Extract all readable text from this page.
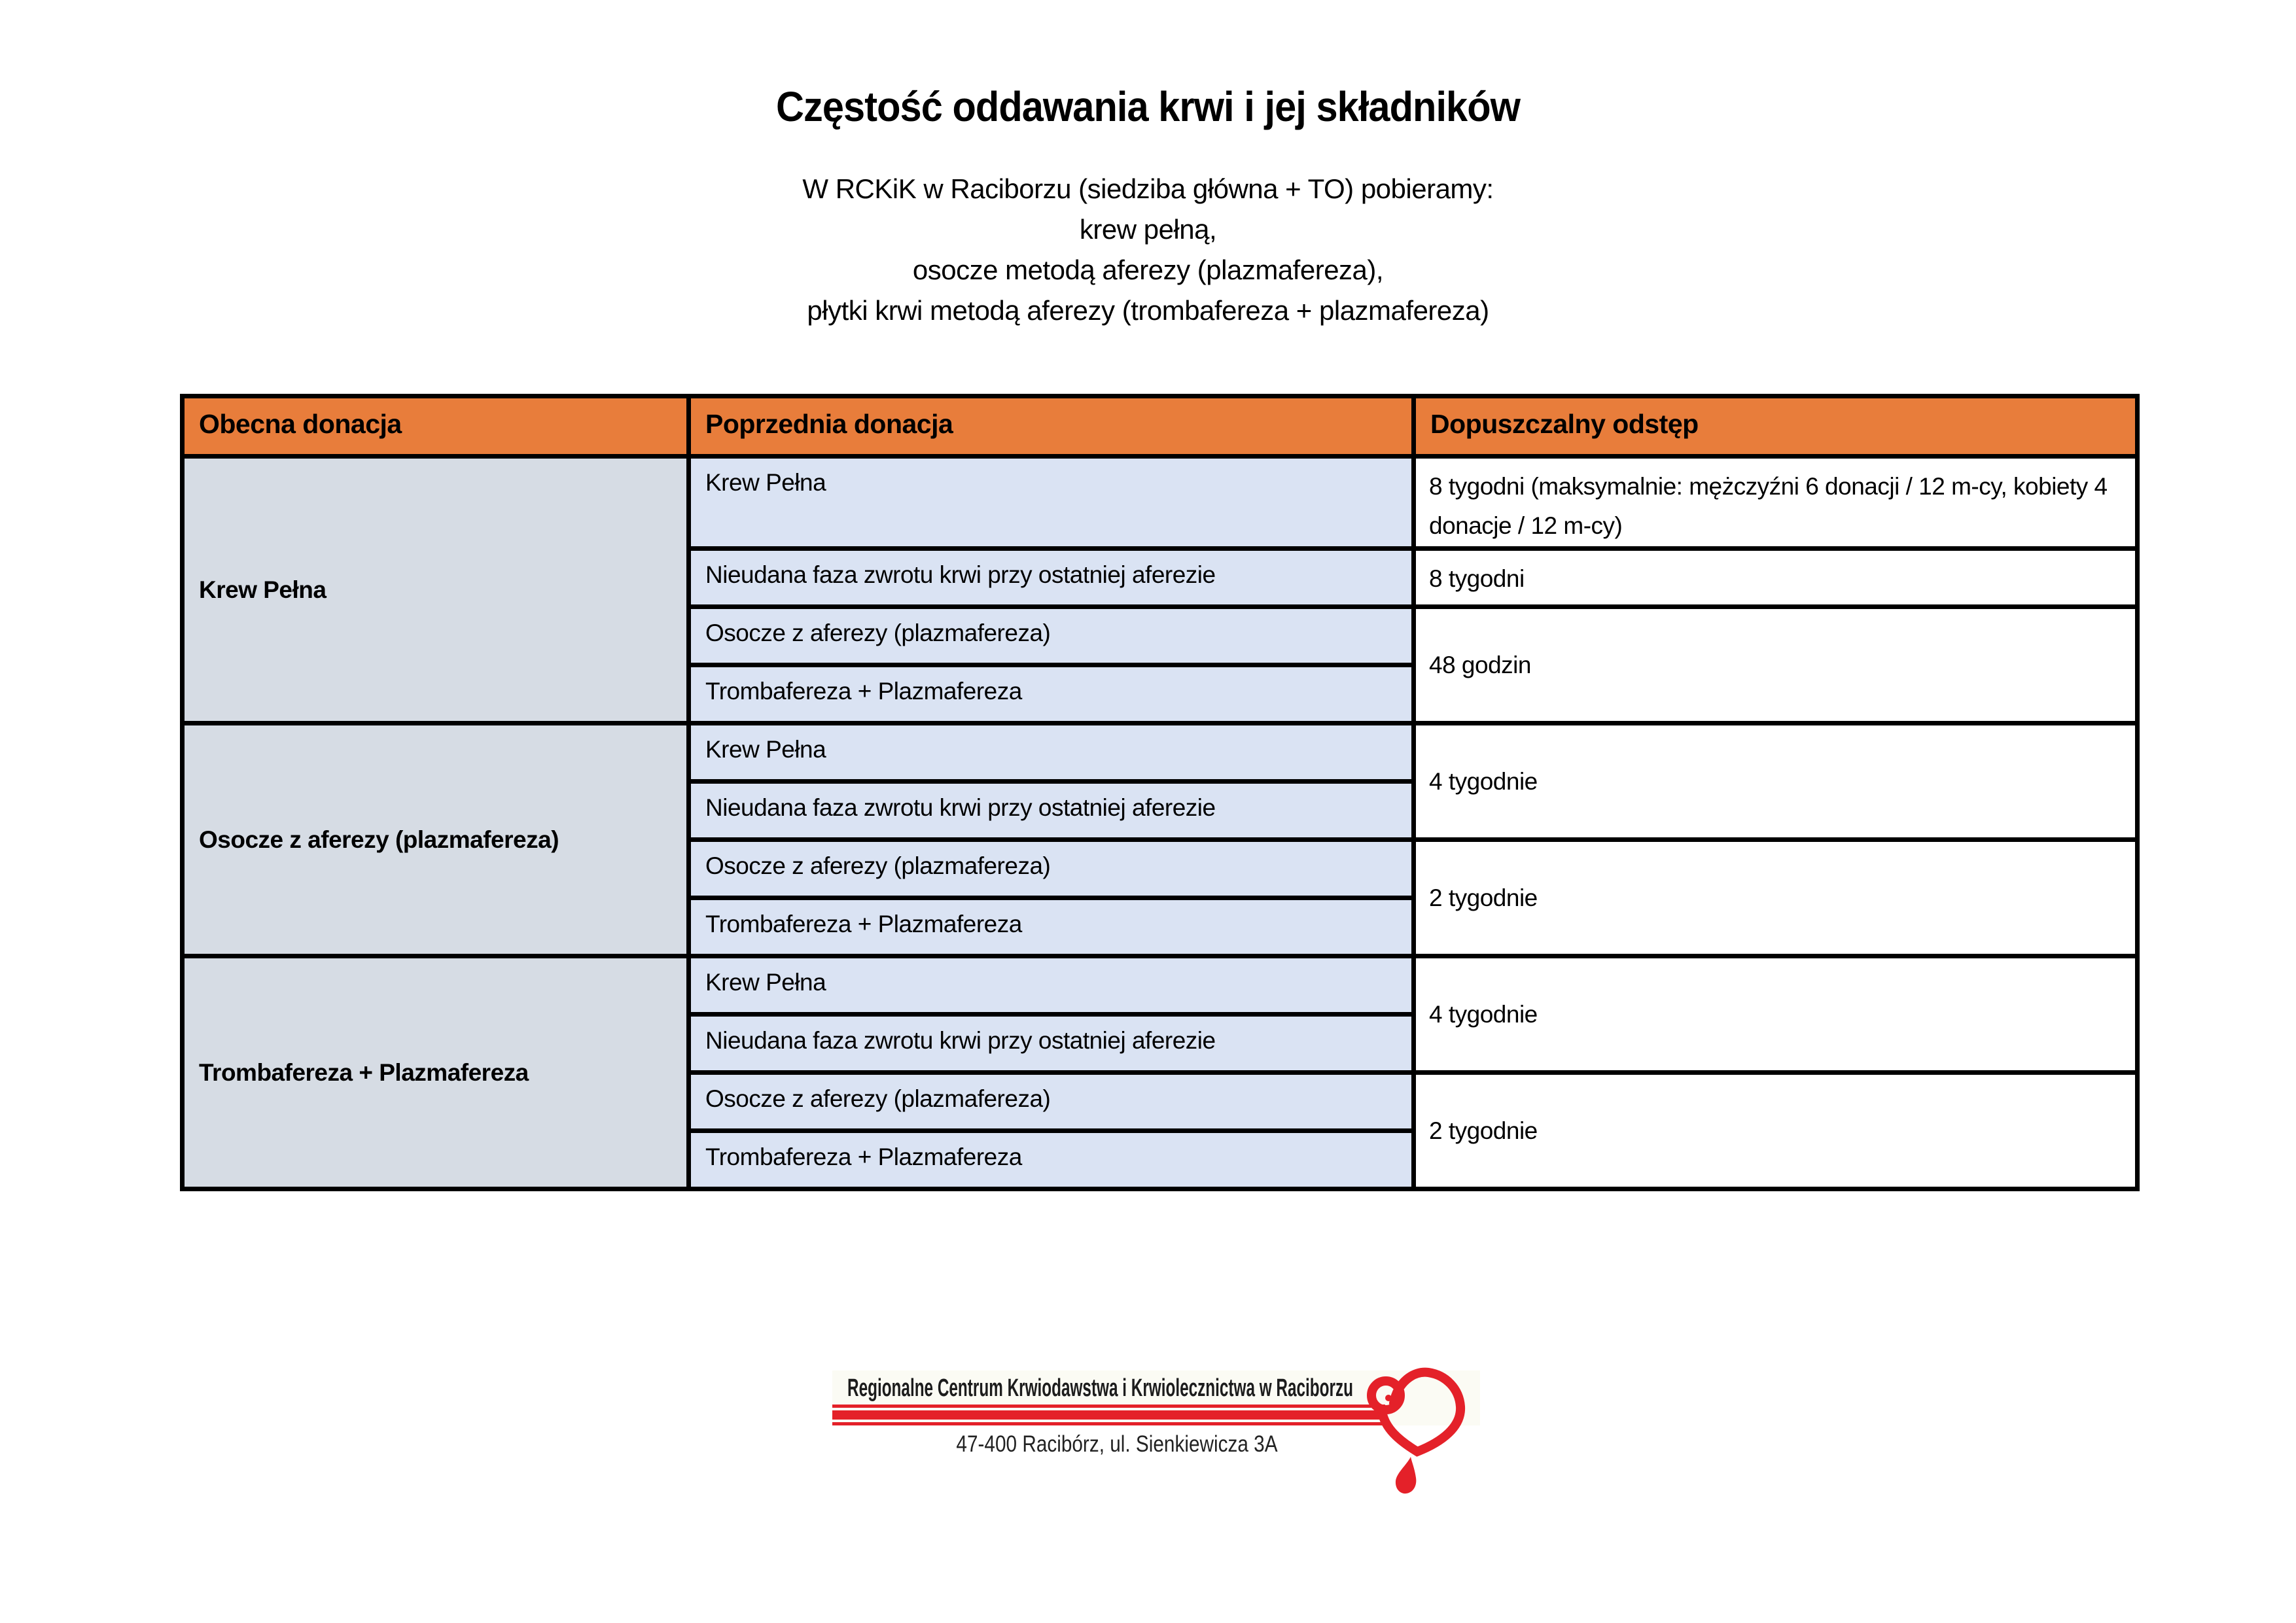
Częstość oddawania krwi i jej składników
W RCKiK w Raciborzu (siedziba główna + TO) pobieramy:
krew pełną,
osocze metodą aferezy (plazmafereza),
płytki krwi metodą aferezy (trombafereza + plazmafereza)
Obecna donacja	Poprzednia donacja	Dopuszczalny odstęp
Krew Pełna	Krew Pełna	8 tygodni (maksymalnie: mężczyźni 6 donacji / 12 m-cy, kobiety 4 donacje / 12 m-cy)
	Nieudana faza zwrotu krwi przy ostatniej aferezie	8 tygodni
	Osocze z aferezy (plazmafereza)	48 godzin
	Trombafereza + Plazmafereza	
Osocze z aferezy (plazmafereza)	Krew Pełna	4 tygodnie
	Nieudana faza zwrotu krwi przy ostatniej aferezie	
	Osocze z aferezy (plazmafereza)	2 tygodnie
	Trombafereza + Plazmafereza	
Trombafereza + Plazmafereza	Krew Pełna	4 tygodnie
	Nieudana faza zwrotu krwi przy ostatniej aferezie	
	Osocze z aferezy (plazmafereza)	2 tygodnie
	Trombafereza + Plazmafereza	
Regionalne Centrum Krwiodawstwa i Krwiolecznictwa w Raciborzu
47-400 Racibórz, ul. Sienkiewicza 3A
